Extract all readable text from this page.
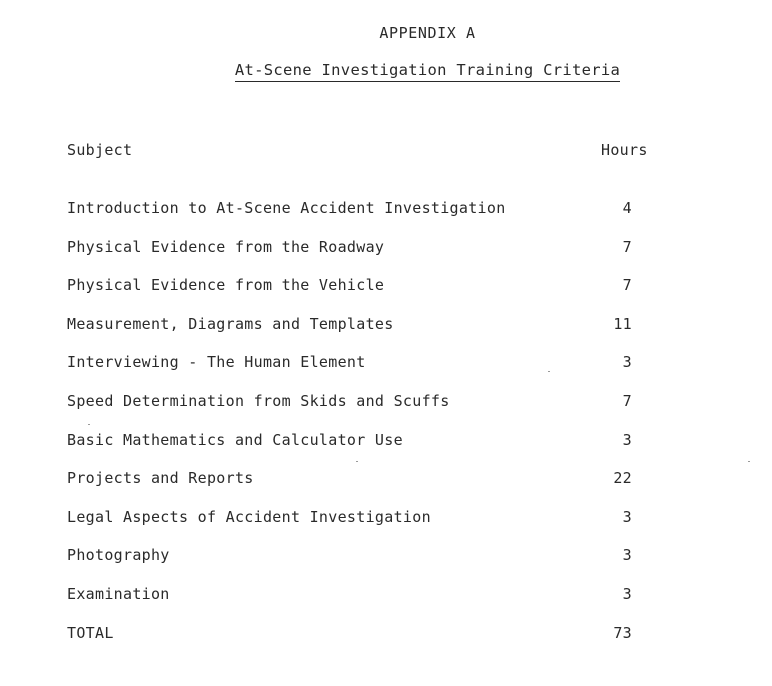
APPENDIX A
At-Scene Investigation Training Criteria
Subject	Hours
Introduction to At-Scene Accident Investigation	4
Physical Evidence from the Roadway	7
Physical Evidence from the Vehicle	7
Measurement, Diagrams and Templates	11
Interviewing - The Human Element	3
Speed Determination from Skids and Scuffs	7
Basic Mathematics and Calculator Use	3
Projects and Reports	22
Legal Aspects of Accident Investigation	3
Photography	3
Examination	3
TOTAL	73
